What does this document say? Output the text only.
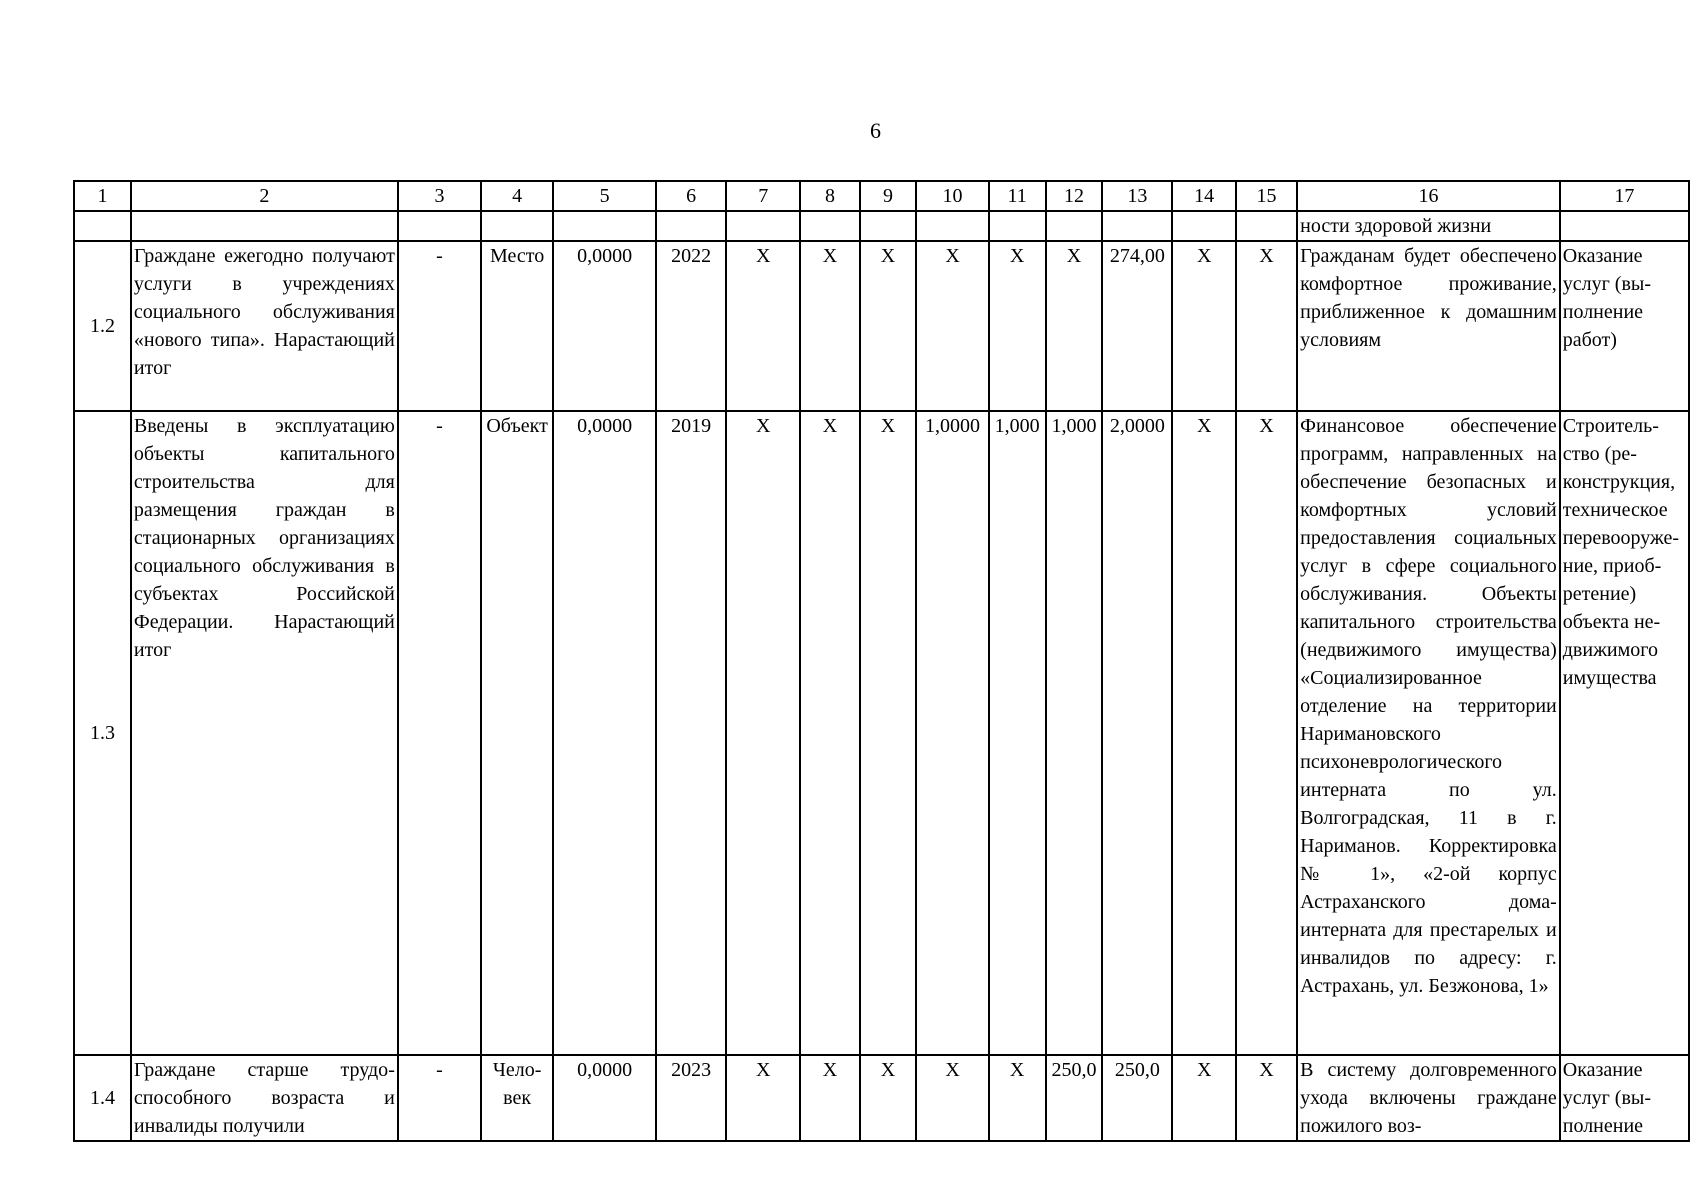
6
1	2	3	4	5	6	7	8	9	10	11	12	13	14	15	16	17
															ности здоровой жизни	
1.2	Граждане ежегодно получают услуги в учреждениях социального обслуживания «нового типа». Нарастающий итог	-	Место	0,0000	2022	X	X	X	X	X	X	274,00	X	X	Гражданам будет обеспечено комфортное проживание, приближенное к домашним условиям	Оказание услуг (выполнение работ)
1.3	Введены в эксплуатацию объекты капитального строительства для размещения граждан в стационарных организациях социального обслуживания в субъектах Российской Федерации. Нарастающий итог	-	Объект	0,0000	2019	X	X	X	1,0000	1,000	1,000	2,0000	X	X	Финансовое обеспечение программ, направленных на обеспечение безопасных и комфортных условий предоставления социальных услуг в сфере социального обслуживания. Объекты капитального строительства (недвижимого имущества) «Социализированное отделение на территории Наримановского психоневрологического интерната по ул. Волгоградская, 11 в г. Нариманов. Корректировка № 1», «2-ой корпус Астраханского дома-интерната для престарелых и инвалидов по адресу: г. Астрахань, ул. Безжонова, 1»	Строительство (реконструкция, техническое перевооружение, приобретение) объекта недвижимого имущества
1.4	Граждане старше трудоспособного возраста и инвалиды получили	-	Человек	0,0000	2023	X	X	X	X	X	250,0	250,0	X	X	В систему долговременного ухода включены граждане пожилого воз-	Оказание услуг (выполнение
